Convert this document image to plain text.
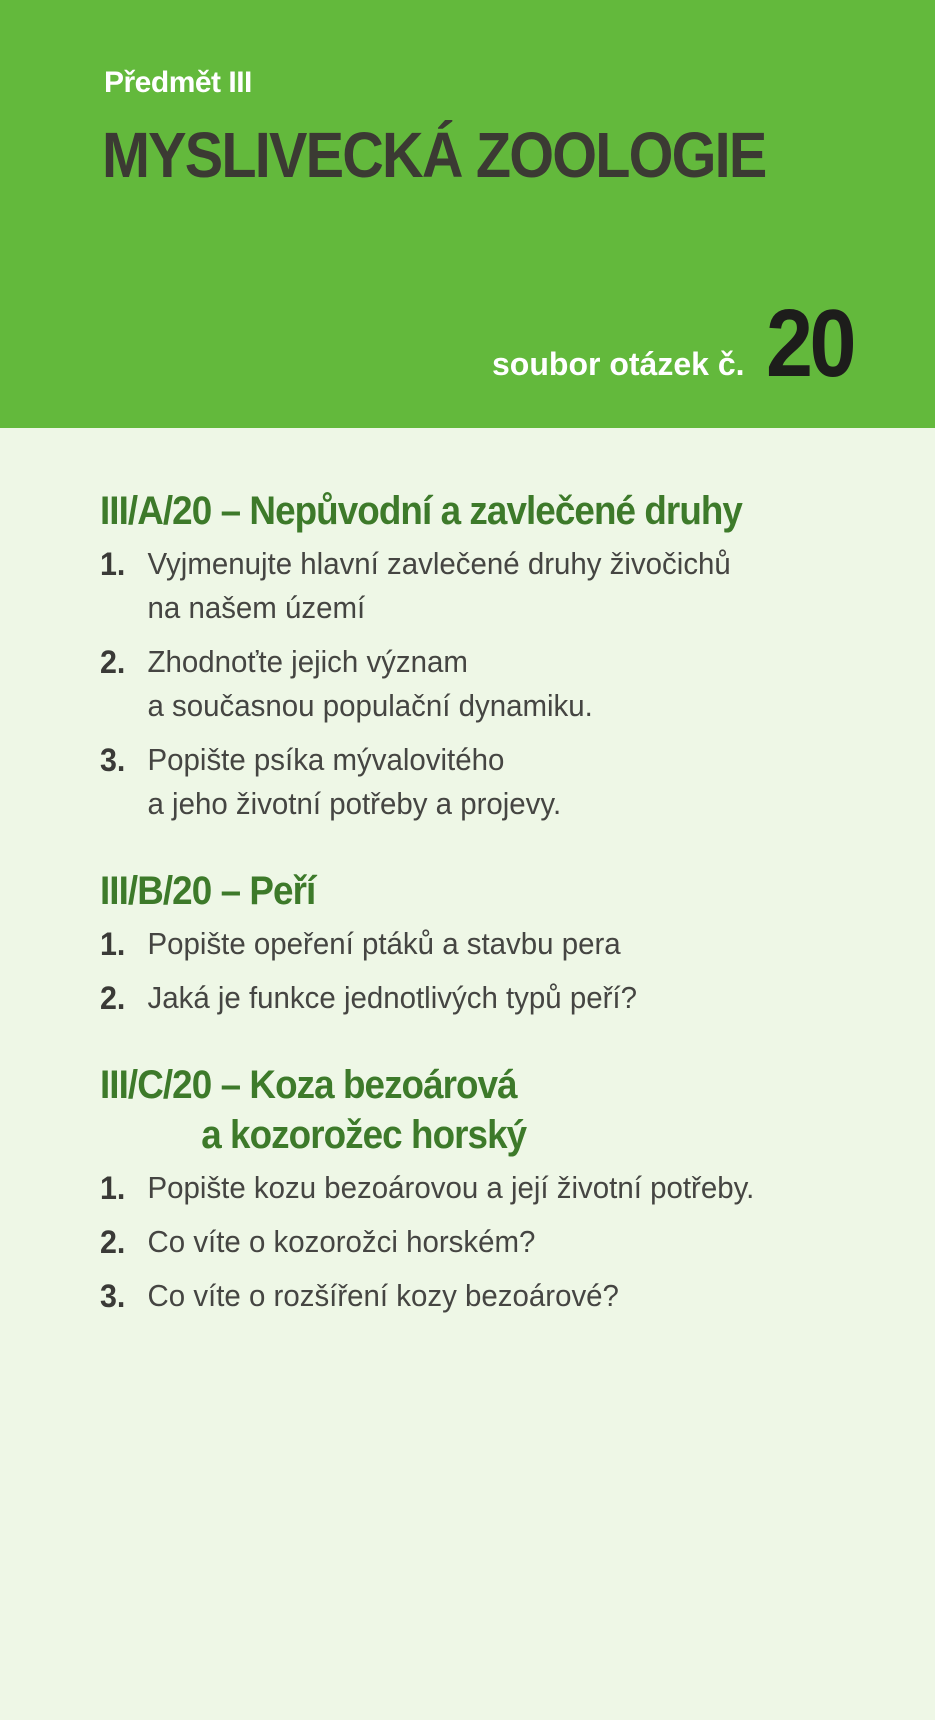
Předmět III
MYSLIVECKÁ ZOOLOGIE
soubor otázek č. 20
III/A/20 – Nepůvodní a zavlečené druhy
1. Vyjmenujte hlavní zavlečené druhy živočichů
na našem území
2. Zhodnoťte jejich význam
a současnou populační dynamiku.
3. Popište psíka mývalovitého
a jeho životní potřeby a projevy.
III/B/20 – Peří
1. Popište opeření ptáků a stavbu pera
2. Jaká je funkce jednotlivých typů peří?
III/C/20 – Koza bezoárová
a kozorožec horský
1. Popište kozu bezoárovou a její životní potřeby.
2. Co víte o kozorožci horském?
3. Co víte o rozšíření kozy bezoárové?
